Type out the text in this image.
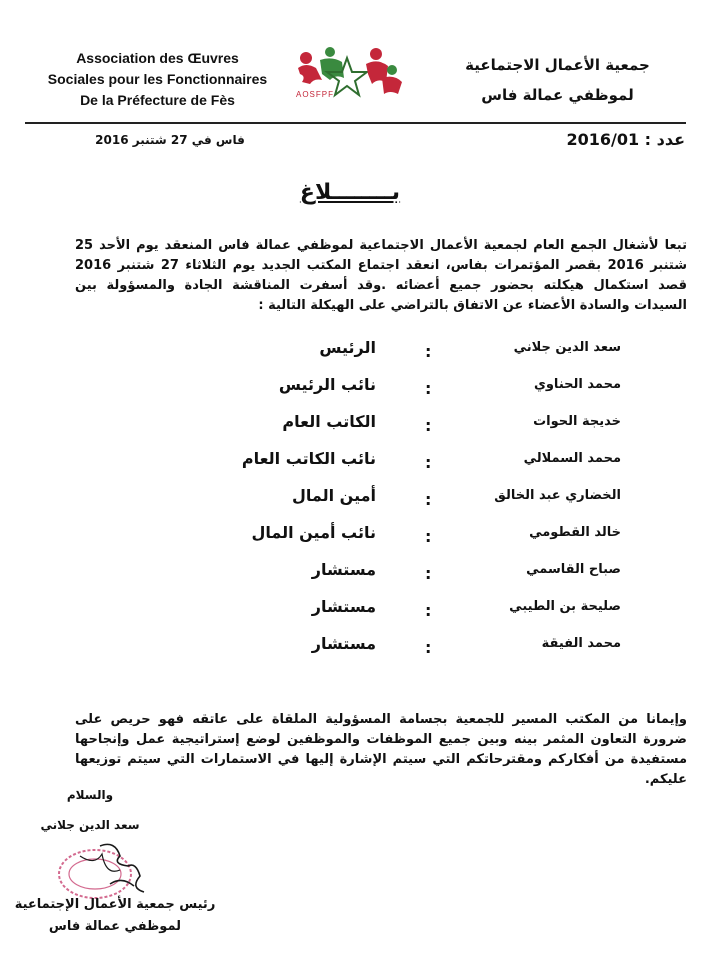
Association des Œuvres
Sociales pour les Fonctionnaires
De la Préfecture de Fès	AOSFPF
جمعية الأعمال الاجتماعية
لموظفي عمالة فاس
عدد : 2016/01
فاس في 27 شتنبر 2016
بــــــــلاغ
تبعا لأشغال الجمع العام لجمعية الأعمال الاجتماعية لموظفي عمالة فاس المنعقد يوم الأحد 25 شتنبر 2016 بقصر المؤتمرات بفاس، انعقد اجتماع المكتب الجديد يوم الثلاثاء 27 شتنبر 2016 قصد استكمال هيكلته بحضور جميع أعضائه .وقد أسفرت المناقشة الجادة والمسؤولة بين السيدات والسادة الأعضاء عن الاتفاق بالتراضي على الهيكلة التالية :
سعد الدين جلاني
:
الرئيس
محمد الحناوي
:
نائب الرئيس
خديجة الحوات
:
الكاتب العام
محمد السملالي
:
نائب الكاتب العام
الخضاري عبد الخالق
:
أمين المال
خالد القطومي
:
نائب أمين المال
صباح القاسمي
:
مستشار
صليحة بن الطيبي
:
مستشار
محمد الفيقة
:
مستشار
وإيمانا من المكتب المسير للجمعية بجسامة المسؤولية الملقاة على عاتقه فهو حريص على ضرورة التعاون المثمر بينه وبين جميع الموظفات والموظفين لوضع إستراتيجية عمل وإنجاحها مستفيدة من أفكاركم ومقترحاتكم التي سيتم الإشارة إليها في الاستمارات التي سيتم توزيعها عليكم.
والسلام
سعد الدين جلاني
رئيس جمعية الأعمال الإجتماعية
لموظفي عمالة فاس
